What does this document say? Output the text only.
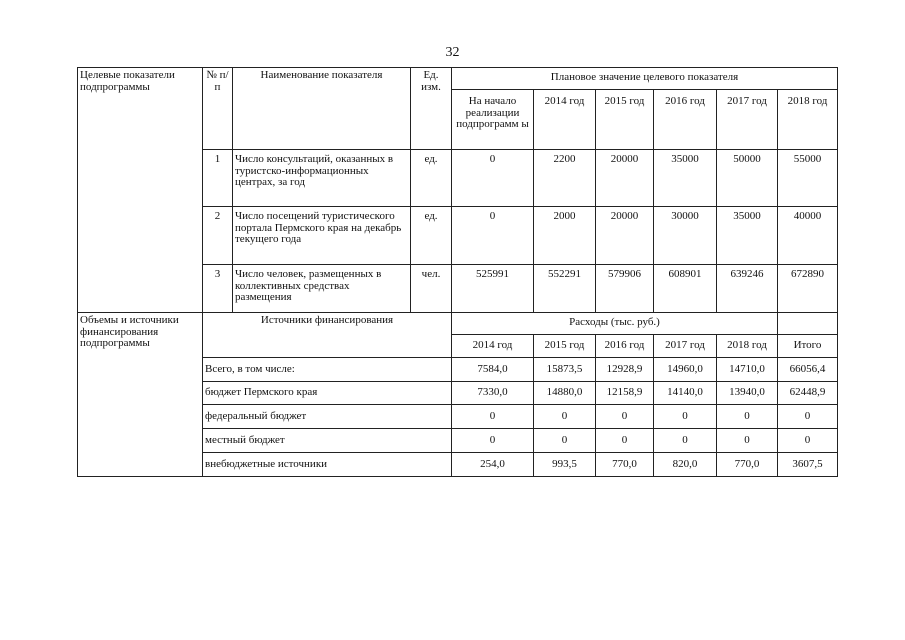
32
Целевые показатели подпрограммы	№ п/п	Наименование показателя	Ед. изм.	Плановое значение целевого показателя					
				На начало реализации подпрограмм ы	2014 год	2015 год	2016 год	2017 год	2018 год
	1	Число консультаций, оказанных в туристско-информационных центрах, за год	ед.	0	2200	20000	35000	50000	55000
	2	Число посещений туристического портала Пермского края на декабрь текущего года	ед.	0	2000	20000	30000	35000	40000
	3	Число человек, размещенных в коллективных средствах размещения	чел.	525991	552291	579906	608901	639246	672890
Объемы и источники финансирования подпрограммы	Источники финансирования			Расходы (тыс. руб.)					
				2014 год	2015 год	2016 год	2017 год	2018 год	Итого
	Всего, в том числе:			7584,0	15873,5	12928,9	14960,0	14710,0	66056,4
	бюджет Пермского края			7330,0	14880,0	12158,9	14140,0	13940,0	62448,9
	федеральный бюджет			0	0	0	0	0	0
	местный бюджет			0	0	0	0	0	0
	внебюджетные источники			254,0	993,5	770,0	820,0	770,0	3607,5
